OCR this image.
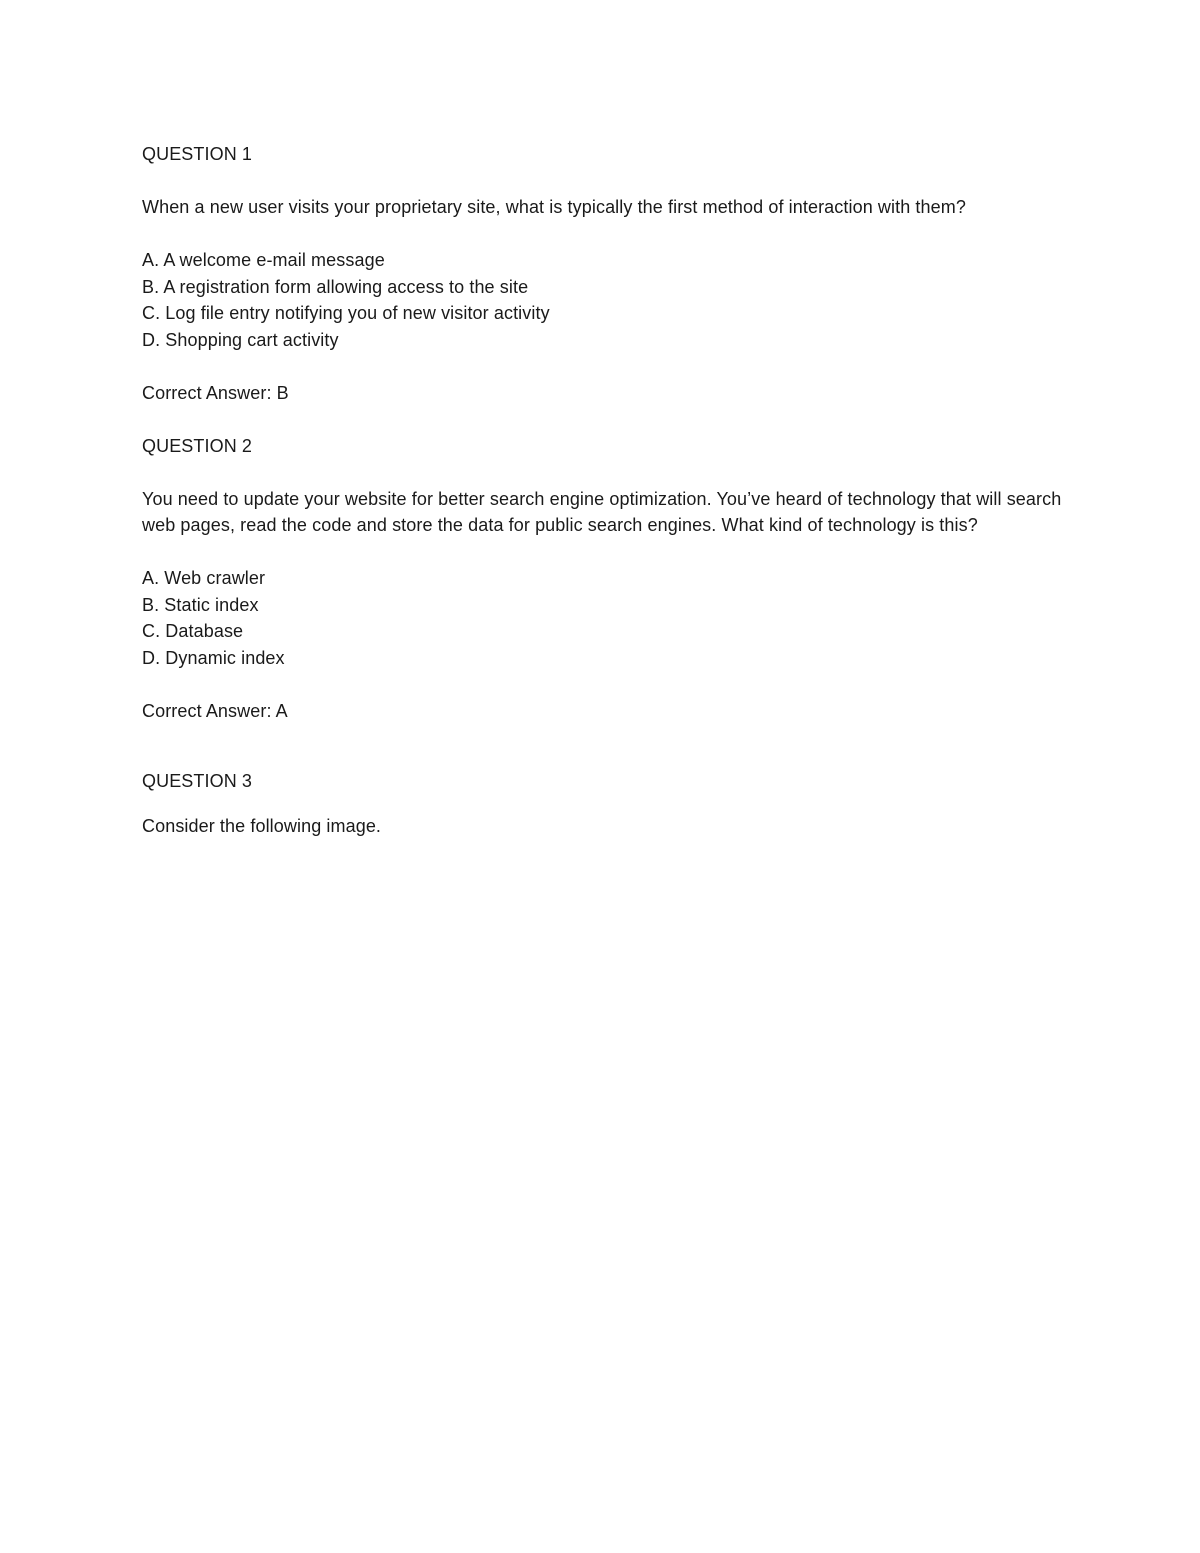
QUESTION 1

When a new user visits your proprietary site, what is typically the first method of interaction with them?

A. A welcome e-mail message
B. A registration form allowing access to the site
C. Log file entry notifying you of new visitor activity
D. Shopping cart activity

Correct Answer: B

QUESTION 2

You need to update your website for better search engine optimization. You’ve heard of technology that will search web pages, read the code and store the data for public search engines. What kind of technology is this?

A. Web crawler
B. Static index
C. Database
D. Dynamic index

Correct Answer: A

QUESTION 3

Consider the following image.
